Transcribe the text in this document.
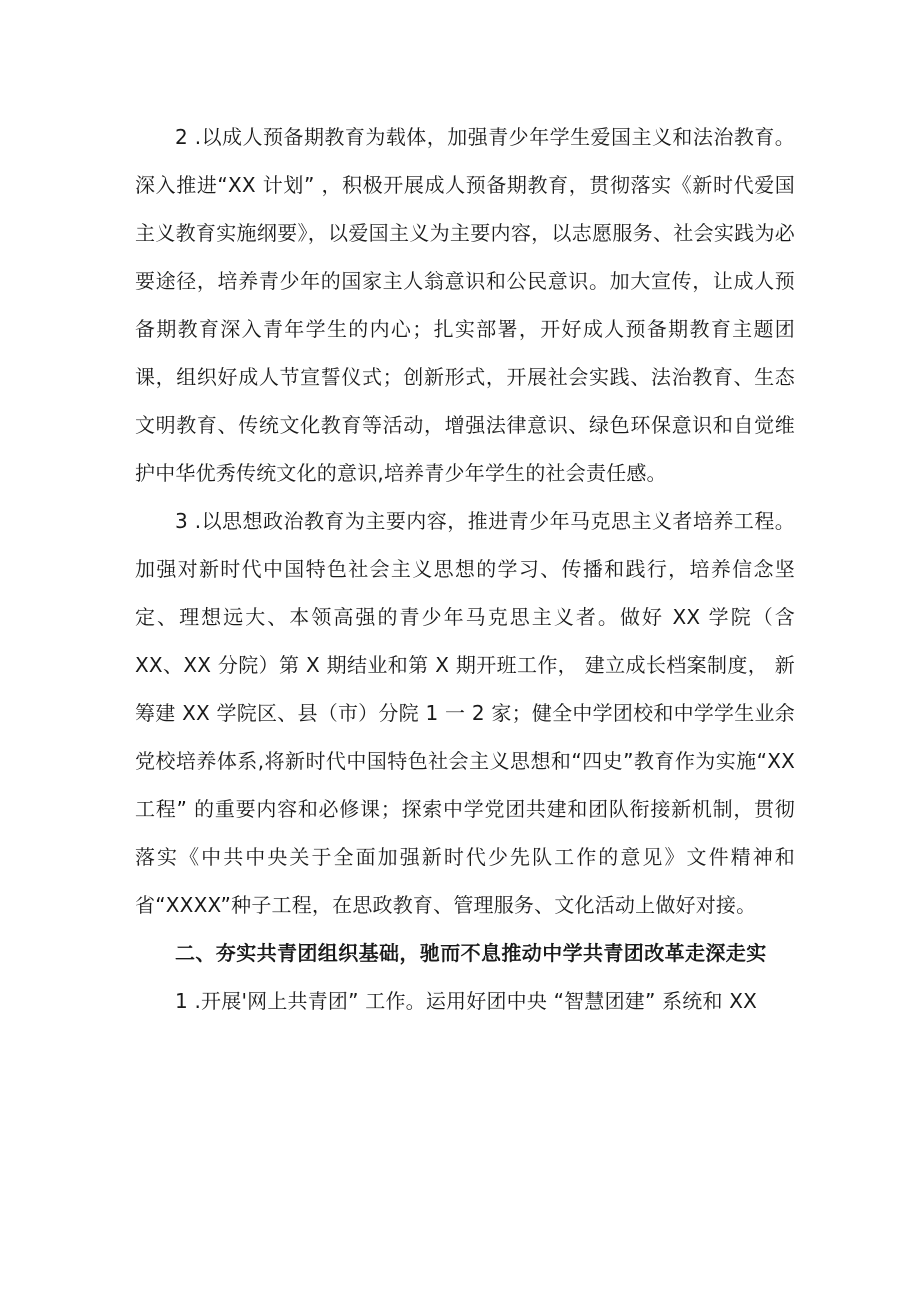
2 .以成人预备期教育为载体，加强青少年学生爱国主义和法治教育。深入推进“XX 计划” ，积极开展成人预备期教育，贯彻落实《新时代爱国主义教育实施纲要》，以爱国主义为主要内容，以志愿服务、社会实践为必要途径，培养青少年的国家主人翁意识和公民意识。加大宣传，让成人预备期教育深入青年学生的内心；扎实部署，开好成人预备期教育主题团课，组织好成人节宣誓仪式；创新形式，开展社会实践、法治教育、生态文明教育、传统文化教育等活动，增强法律意识、绿色环保意识和自觉维护中华优秀传统文化的意识,培养青少年学生的社会责任感。

3 .以思想政治教育为主要内容，推进青少年马克思主义者培养工程。加强对新时代中国特色社会主义思想的学习、传播和践行，培养信念坚定、理想远大、本领高强的青少年马克思主义者。做好 XX 学院（含 XX、XX 分院）第 X 期结业和第 X 期开班工作， 建立成长档案制度， 新筹建 XX 学院区、县（市）分院 1 一 2 家；健全中学团校和中学学生业余党校培养体系,将新时代中国特色社会主义思想和“四史”教育作为实施“XX 工程” 的重要内容和必修课；探索中学党团共建和团队衔接新机制，贯彻落实《中共中央关于全面加强新时代少先队工作的意见》文件精神和省“XXXX”种子工程，在思政教育、管理服务、文化活动上做好对接。

二、夯实共青团组织基础，驰而不息推动中学共青团改革走深走实

1 .开展'网上共青团” 工作。运用好团中央 “智慧团建” 系统和 XX
